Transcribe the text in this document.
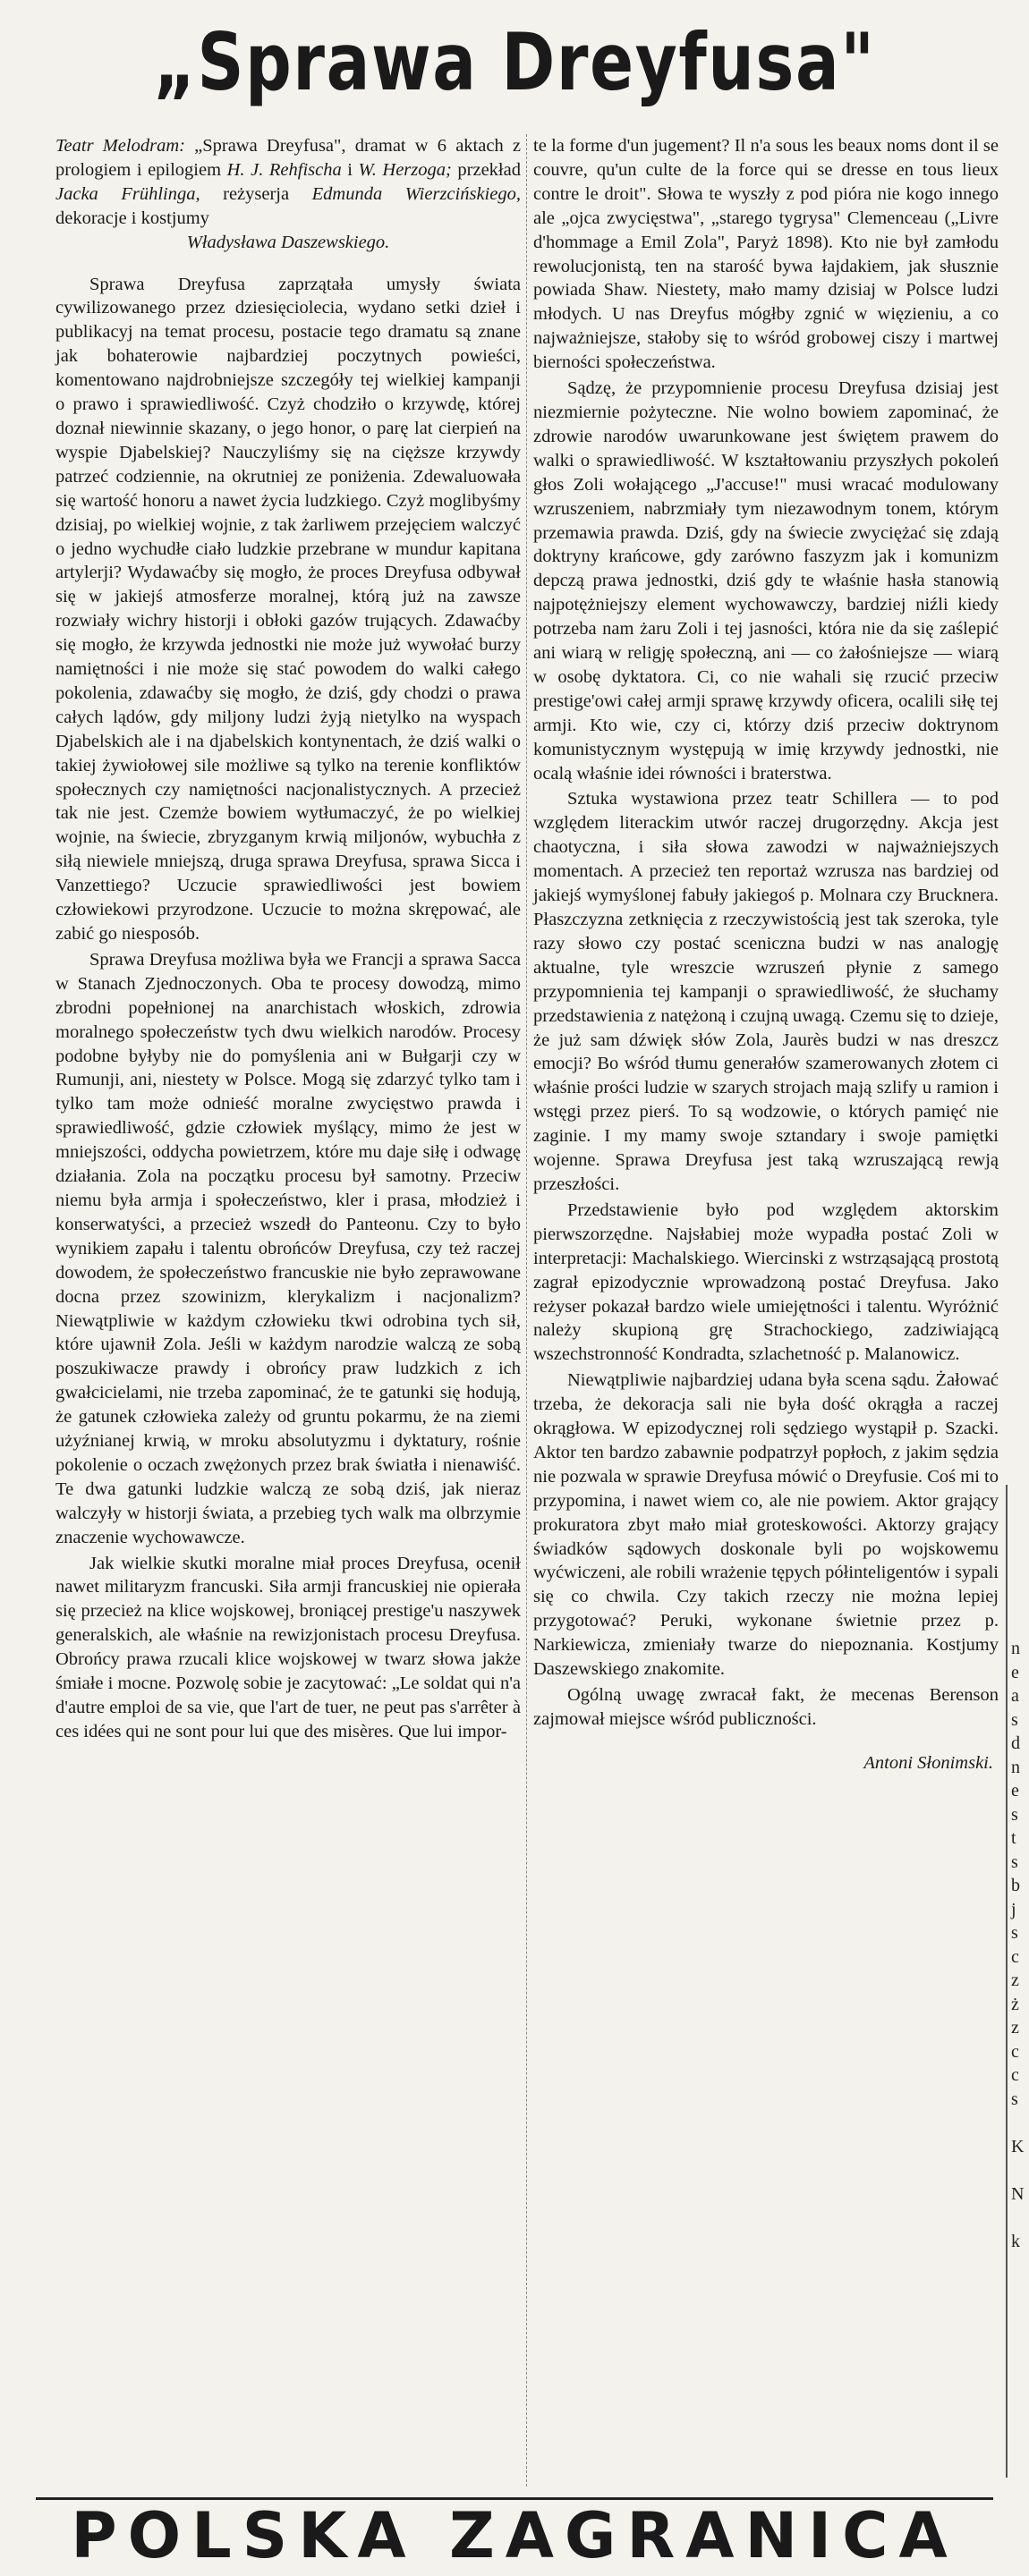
„Sprawa Dreyfusa"

Teatr Melodram: „Sprawa Dreyfusa", dramat w 6 aktach z prologiem i epilogiem H. J. Rehfischa i W. Herzoga; przekład Jacka Frühlinga, reżyserja Edmunda Wierzcińskiego, dekoracje i kostjumy
Władysława Daszewskiego.

Sprawa Dreyfusa zaprzątała umysły świata cywilizowanego przez dziesięciolecia, wydano setki dzieł i publikacyj na temat procesu, postacie tego dramatu są znane jak bohaterowie najbardziej poczytnych powieści, komentowano najdrobniejsze szczegóły tej wielkiej kampanji o prawo i sprawiedliwość. Czyż chodziło o krzywdę, której doznał niewinnie skazany, o jego honor, o parę lat cierpień na wyspie Djabelskiej? Nauczyliśmy się na cięższe krzywdy patrzeć codziennie, na okrutniej ze poniżenia. Zdewaluowała się wartość honoru a nawet życia ludzkiego. Czyż moglibyśmy dzisiaj, po wielkiej wojnie, z tak żarliwem przejęciem walczyć o jedno wychudłe ciało ludzkie przebrane w mundur kapitana artylerji? Wydawaćby się mogło, że proces Dreyfusa odbywał się w jakiejś atmosferze moralnej, którą już na zawsze rozwiały wichry historji i obłoki gazów trujących. Zdawaćby się mogło, że krzywda jednostki nie może już wywołać burzy namiętności i nie może się stać powodem do walki całego pokolenia, zdawaćby się mogło, że dziś, gdy chodzi o prawa całych lądów, gdy miljony ludzi żyją nietylko na wyspach Djabelskich ale i na djabelskich kontynentach, że dziś walki o takiej żywiołowej sile możliwe są tylko na terenie konfliktów społecznych czy namiętności nacjonalistycznych. A przecież tak nie jest. Czemże bowiem wytłumaczyć, że po wielkiej wojnie, na świecie, zbryzganym krwią miljonów, wybuchła z siłą niewiele mniejszą, druga sprawa Dreyfusa, sprawa Sicca i Vanzettiego? Uczucie sprawiedliwości jest bowiem człowiekowi przyrodzone. Uczucie to można skrępować, ale zabić go niesposób.

Sprawa Dreyfusa możliwa była we Francji a sprawa Sacca w Stanach Zjednoczonych. Oba te procesy dowodzą, mimo zbrodni popełnionej na anarchistach włoskich, zdrowia moralnego społeczeństw tych dwu wielkich narodów. Procesy podobne byłyby nie do pomyślenia ani w Bułgarji czy w Rumunji, ani, niestety w Polsce. Mogą się zdarzyć tylko tam i tylko tam może odnieść moralne zwycięstwo prawda i sprawiedliwość, gdzie człowiek myślący, mimo że jest w mniejszości, oddycha powietrzem, które mu daje siłę i odwagę działania. Zola na początku procesu był samotny. Przeciw niemu była armja i społeczeństwo, kler i prasa, młodzież i konserwatyści, a przecież wszedł do Panteonu. Czy to było wynikiem zapału i talentu obrońców Dreyfusa, czy też raczej dowodem, że społeczeństwo francuskie nie było zeprawowane docna przez szowinizm, klerykalizm i nacjonalizm? Niewątpliwie w każdym człowieku tkwi odrobina tych sił, które ujawnił Zola. Jeśli w każdym narodzie walczą ze sobą poszukiwacze prawdy i obrońcy praw ludzkich z ich gwałcicielami, nie trzeba zapominać, że te gatunki się hodują, że gatunek człowieka zależy od gruntu pokarmu, że na ziemi użyźnianej krwią, w mroku absolutyzmu i dyktatury, rośnie pokolenie o oczach zwężonych przez brak światła i nienawiść. Te dwa gatunki ludzkie walczą ze sobą dziś, jak nieraz walczyły w historji świata, a przebieg tych walk ma olbrzymie znaczenie wychowawcze.

Jak wielkie skutki moralne miał proces Dreyfusa, ocenił nawet militaryzm francuski. Siła armji francuskiej nie opierała się przecież na klice wojskowej, broniącej prestige'u naszywek generalskich, ale właśnie na rewizjonistach procesu Dreyfusa. Obrońcy prawa rzucali klice wojskowej w twarz słowa jakże śmiałe i mocne. Pozwolę sobie je zacytować: „Le soldat qui n'a d'autre emploi de sa vie, que l'art de tuer, ne peut pas s'arrêter à ces idées qui ne sont pour lui que des misères. Que lui impor-

te la forme d'un jugement? Il n'a sous les beaux noms dont il se couvre, qu'un culte de la force qui se dresse en tous lieux contre le droit". Słowa te wyszły z pod pióra nie kogo innego ale „ojca zwycięstwa", „starego tygrysa" Clemenceau („Livre d'hommage a Emil Zola", Paryż 1898). Kto nie był zamłodu rewolucjonistą, ten na starość bywa łajdakiem, jak słusznie powiada Shaw. Niestety, mało mamy dzisiaj w Polsce ludzi młodych. U nas Dreyfus mógłby zgnić w więzieniu, a co najważniejsze, stałoby się to wśród grobowej ciszy i martwej bierności społeczeństwa.

Sądzę, że przypomnienie procesu Dreyfusa dzisiaj jest niezmiernie pożyteczne. Nie wolno bowiem zapominać, że zdrowie narodów uwarunkowane jest świętem prawem do walki o sprawiedliwość. W kształtowaniu przyszłych pokoleń głos Zoli wołającego „J'accuse!" musi wracać modulowany wzruszeniem, nabrzmiały tym niezawodnym tonem, którym przemawia prawda. Dziś, gdy na świecie zwyciężać się zdają doktryny krańcowe, gdy zarówno faszyzm jak i komunizm depczą prawa jednostki, dziś gdy te właśnie hasła stanowią najpotężniejszy element wychowawczy, bardziej niźli kiedy potrzeba nam żaru Zoli i tej jasności, która nie da się zaślepić ani wiarą w religję społeczną, ani — co żałośniejsze — wiarą w osobę dyktatora. Ci, co nie wahali się rzucić przeciw prestige'owi całej armji sprawę krzywdy oficera, ocalili siłę tej armji. Kto wie, czy ci, którzy dziś przeciw doktrynom komunistycznym występują w imię krzywdy jednostki, nie ocalą właśnie idei równości i braterstwa.

Sztuka wystawiona przez teatr Schillera — to pod względem literackim utwór raczej drugorzędny. Akcja jest chaotyczna, i siła słowa zawodzi w najważniejszych momentach. A przecież ten reportaż wzrusza nas bardziej od jakiejś wymyślonej fabuły jakiegoś p. Molnara czy Brucknera. Płaszczyzna zetknięcia z rzeczywistością jest tak szeroka, tyle razy słowo czy postać sceniczna budzi w nas analogję aktualne, tyle wreszcie wzruszeń płynie z samego przypomnienia tej kampanji o sprawiedliwość, że słuchamy przedstawienia z natężoną i czujną uwagą. Czemu się to dzieje, że już sam dźwięk słów Zola, Jaurès budzi w nas dreszcz emocji? Bo wśród tłumu generałów szamerowanych złotem ci właśnie prości ludzie w szarych strojach mają szlify u ramion i wstęgi przez pierś. To są wodzowie, o których pamięć nie zaginie. I my mamy swoje sztandary i swoje pamiętki wojenne. Sprawa Dreyfusa jest taką wzruszającą rewją przeszłości.

Przedstawienie było pod względem aktorskim pierwszorzędne. Najsłabiej może wypadła postać Zoli w interpretacji: Machalskiego. Wiercinski z wstrząsającą prostotą zagrał epizodycznie wprowadzoną postać Dreyfusa. Jako reżyser pokazał bardzo wiele umiejętności i talentu. Wyróżnić należy skupioną grę Strachockiego, zadziwiającą wszechstronność Kondradta, szlachetność p. Malanowicz.

Niewątpliwie najbardziej udana była scena sądu. Żałować trzeba, że dekoracja sali nie była dość okrągła a raczej okrągłowa. W epizodycznej roli sędziego wystąpił p. Szacki. Aktor ten bardzo zabawnie podpatrzył popłoch, z jakim sędzia nie pozwala w sprawie Dreyfusa mówić o Dreyfusie. Coś mi to przypomina, i nawet wiem co, ale nie powiem. Aktor grający prokuratora zbyt mało miał groteskowości. Aktorzy grający świadków sądowych doskonale byli po wojskowemu wyćwiczeni, ale robili wrażenie tępych półinteligentów i sypali się co chwila. Czy takich rzeczy nie można lepiej przygotować? Peruki, wykonane świetnie przez p. Narkiewicza, zmieniały twarze do niepoznania. Kostjumy Daszewskiego znakomite.

Ogólną uwagę zwracał fakt, że mecenas Berenson zajmował miejsce wśród publiczności.

Antoni Słonimski.

n
e
a
s
d
n
e
s
t
s
b
j
s
c
z
ż
z
c
c
s

K

N

k
POLSKA ZAGRANICA
